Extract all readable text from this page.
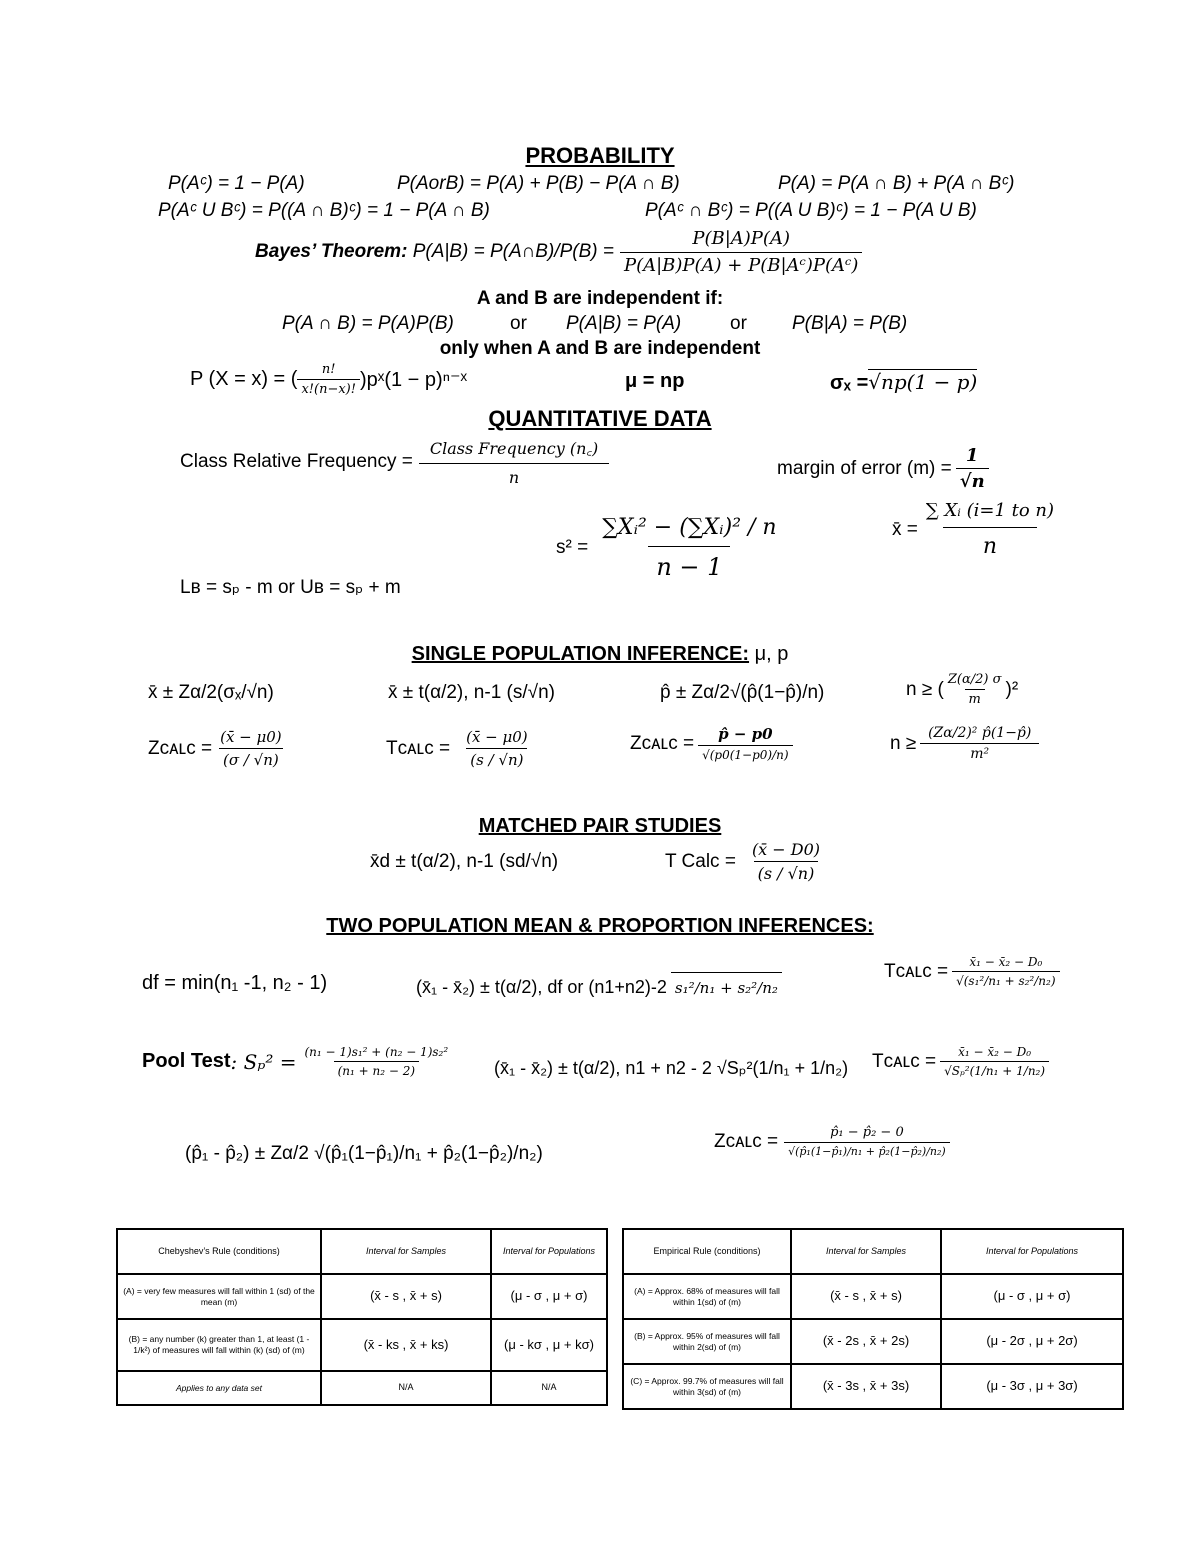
PROBABILITY
P(Aᶜ) = 1 − P(A)	P(AorB) = P(A) + P(B) − P(A ∩ B)	P(A) = P(A ∩ B) + P(A ∩ Bᶜ)
P(Aᶜ U Bᶜ) = P((A ∩ B)ᶜ) = 1 − P(A ∩ B)	P(Aᶜ ∩ Bᶜ) = P((A U B)ᶜ) = 1 − P(A U B)
Bayes’ Theorem:
P(A|B) = P(A∩B)/P(B) = $\frac{P(B|A)P(A)}{\text{P(A|B)P(A) + P(B|Aᶜ)P(Aᶜ)}}$
A and B are independent if:
P(A ∩ B) = P(A)P(B)	or P(A|B) = P(A)	or P(B|A) = P(B)
only when A and B are independent
P (X = x) = ( $\frac{n!}{x!(n-x)!}$ )pˣ(1 − p)ⁿ⁻ˣ	μ = np	σₓ =√np(1 − p)
QUANTITATIVE DATA
Class Relative Frequency = $\frac{\text{Class Frequency (n꜀)}}{n}$	margin of error $(m) = \frac{1}{√n}$
Lʙ = sₚ - m or Uʙ = sₚ + m
$s^2 = \frac{\text{∑Xᵢ² − (∑Xᵢ)² / n}}{n - 1}$	x̄ = $\frac{\text{∑ Xᵢ (i=1 to n)}}{n}$
SINGLE POPULATION INFERENCE: μ, p
x̄ ± Zα/2(σₓ/√n)	x̄ ± t(α/2), n-1 (s/√n)	p̂ ± Zα/2√(p̂(1−p̂)/n)	n ≥ ( $\frac{Z(\alpha/2) \sigma}{m} )^2$
Zᴄᴀʟᴄ = $\frac{(x̄ - \mu 0)}{(\sigma / √n)}$	Tᴄᴀʟᴄ = $\frac{(x̄ - \mu 0)}{(s / √n)}$	Zᴄᴀʟᴄ = $\frac{p̂ - p0}{√(p0(1-p0)/n)}$	$n \ge \frac{\text{(Zα/2)² p̂(1−p̂)}}{\text{m²}}$
MATCHED PAIR STUDIES
x̄d ± t(α/2), n-1 (sd/√n)	T Calc = $\frac{(x̄ - D0)}{(s / √n)}$
TWO POPULATION MEAN & PROPORTION INFERENCES:
df = min(n₁ -1, n₂ - 1)	(x̄₁ - x̄₂) ± t(α/2), df or (n1+n2)-2 s₁²/n₁ + s₂²/n₂
Tᴄᴀʟᴄ = $\frac{\text{x̄₁ − x̄₂ − D₀}}{\text{√(s₁²/n₁ + s₂²/n₂)}}$
Pool Test : $S_p^2 = \frac{\text{(n₁ − 1)s₁² + (n₂ − 1)s₂²}}{\text{(n₁ + n₂ − 2)}}$ (x̄₁ - x̄₂) ± t(α/2), n1 + n2 - 2 √Sₚ²(1/n₁ + 1/n₂) Tᴄᴀʟᴄ = $\frac{\text{x̄₁ − x̄₂ − D₀}}{\text{√Sₚ²(1/n₁ + 1/n₂)}}$
(p̂₁ - p̂₂) ± Zα/2 √(p̂₁(1−p̂₁)/n₁ + p̂₂(1−p̂₂)/n₂)
Zᴄᴀʟᴄ = $\frac{\text{p̂₁ − p̂₂ − 0}}{\text{√(p̂₁(1−p̂₁)/n₁ + p̂₂(1−p̂₂)/n₂)}}$
Chebyshev’s Rule (conditions)	Interval for Samples	Interval for Populations
(A) = very few measures will fall within 1 (sd) of the mean (m)	(x̄ - s , x̄ + s)	(μ - σ , μ + σ)
(B) = any number (k) greater than 1, at least (1 - 1/k²) of measures will fall within (k) (sd) of (m)	(x̄ - ks , x̄ + ks)	(μ - kσ , μ + kσ)
Applies to any data set	N/A	N/A
Empirical Rule (conditions)	Interval for Samples	Interval for Populations
(A) = Approx. 68% of measures will fall within 1(sd) of (m)	(x̄ - s , x̄ + s)	(μ - σ , μ + σ)
(B) = Approx. 95% of measures will fall within 2(sd) of (m)	(x̄ - 2s , x̄ + 2s)	(μ - 2σ , μ + 2σ)
(C) = Approx. 99.7% of measures will fall within 3(sd) of (m)	(x̄ - 3s , x̄ + 3s)	(μ - 3σ , μ + 3σ)
